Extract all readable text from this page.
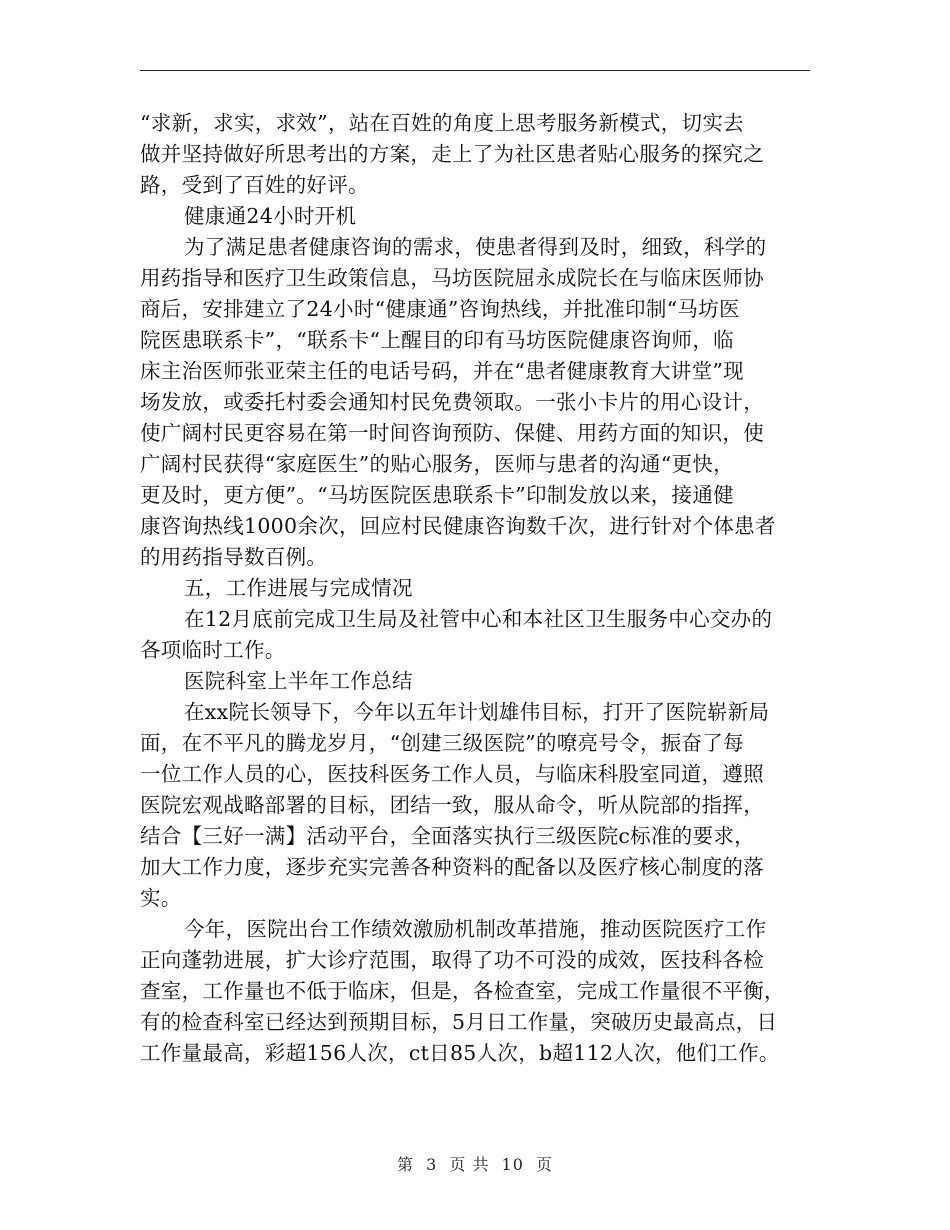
“求新，求实，求效”，站在百姓的角度上思考服务新模式，切实去
做并坚持做好所思考出的方案，走上了为社区患者贴心服务的探究之
路，受到了百姓的好评。
健康通24小时开机
为了满足患者健康咨询的需求，使患者得到及时，细致，科学的
用药指导和医疗卫生政策信息，马坊医院屈永成院长在与临床医师协
商后，安排建立了24小时“健康通”咨询热线，并批准印制“马坊医
院医患联系卡”，“联系卡“上醒目的印有马坊医院健康咨询师，临
床主治医师张亚荣主任的电话号码，并在“患者健康教育大讲堂”现
场发放，或委托村委会通知村民免费领取。一张小卡片的用心设计，
使广阔村民更容易在第一时间咨询预防、保健、用药方面的知识，使
广阔村民获得“家庭医生”的贴心服务，医师与患者的沟通“更快，
更及时，更方便”。“马坊医院医患联系卡”印制发放以来，接通健
康咨询热线1000余次，回应村民健康咨询数千次，进行针对个体患者
的用药指导数百例。
五，工作进展与完成情况
在12月底前完成卫生局及社管中心和本社区卫生服务中心交办的
各项临时工作。
医院科室上半年工作总结
在xx院长领导下，今年以五年计划雄伟目标，打开了医院崭新局
面，在不平凡的腾龙岁月，“创建三级医院”的嘹亮号令，振奋了每
一位工作人员的心，医技科医务工作人员，与临床科股室同道，遵照
医院宏观战略部署的目标，团结一致，服从命令，听从院部的指挥，
结合【三好一满】活动平台，全面落实执行三级医院c标准的要求，
加大工作力度，逐步充实完善各种资料的配备以及医疗核心制度的落
实。
今年，医院出台工作绩效激励机制改革措施，推动医院医疗工作
正向蓬勃进展，扩大诊疗范围，取得了功不可没的成效，医技科各检
查室，工作量也不低于临床，但是，各检查室，完成工作量很不平衡，
有的检查科室已经达到预期目标，5月日工作量，突破历史最高点，日
工作量最高，彩超156人次，ct日85人次，b超112人次，他们工作。
第 3 页 共 10 页
